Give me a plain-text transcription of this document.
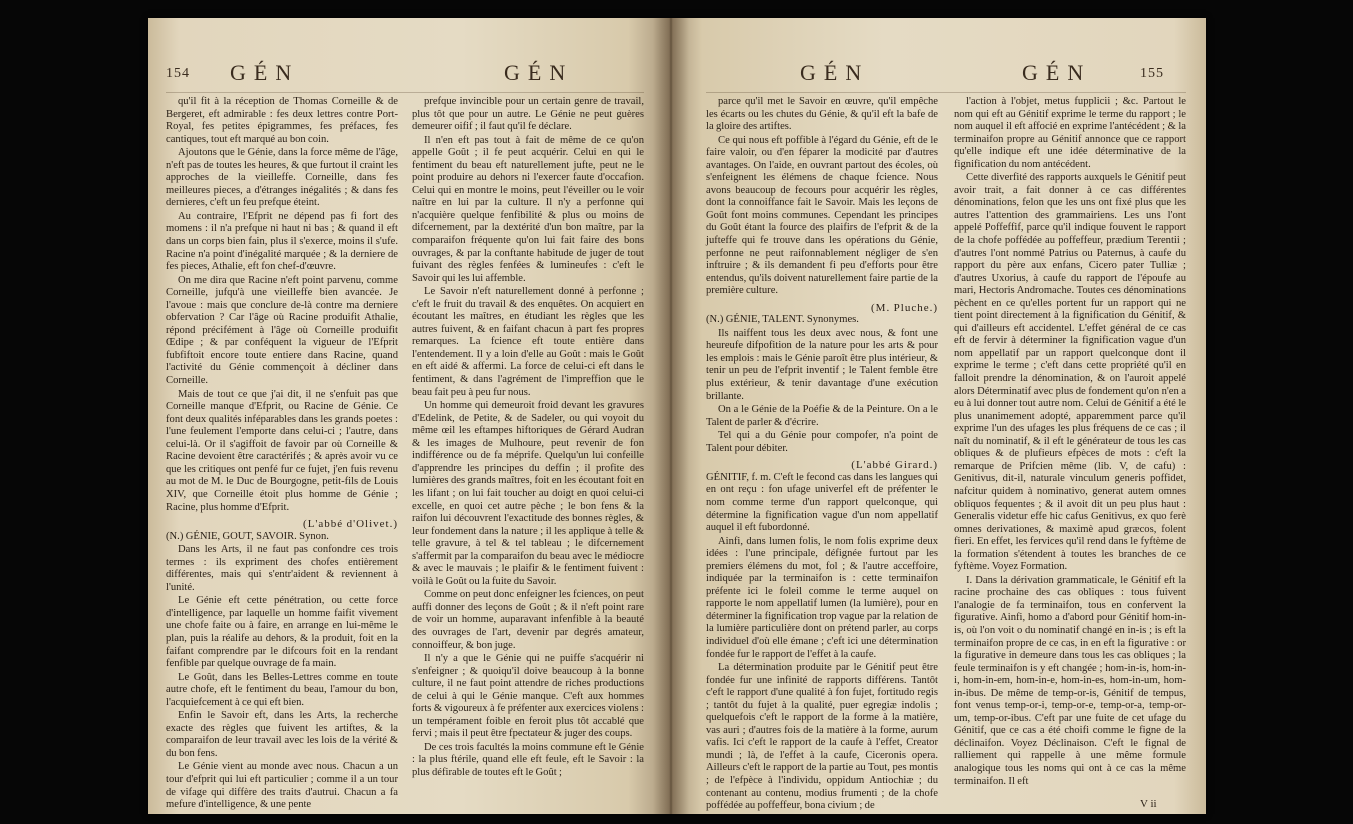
154 GÉN	GÉN

qu'il fit à la réception de Thomas Corneille & de Bergeret, eft admirable : fes deux lettres contre Port-Royal, fes petites épigrammes, fes préfaces, fes cantiques, tout eft marqué au bon coin.

Ajoutons que le Génie, dans la force même de l'âge, n'eft pas de toutes les heures, & que furtout il craint les approches de la vieilleffe. Corneille, dans fes meilleures pieces, a d'étranges inégalités ; & dans fes dernieres, c'eft un feu prefque éteint.

Au contraire, l'Efprit ne dépend pas fi fort des momens : il n'a prefque ni haut ni bas ; & quand il eft dans un corps bien fain, plus il s'exerce, moins il s'ufe. Racine n'a point d'inégalité marquée ; & la derniere de fes pieces, Athalie, eft fon chef-d'œuvre.

On me dira que Racine n'eft point parvenu, comme Corneille, jufqu'à une vieilleffe bien avancée. Je l'avoue : mais que conclure de-là contre ma derniere obfervation ? Car l'âge où Racine produifit Athalie, répond précifément à l'âge où Corneille produifit Œdipe ; & par conféquent la vigueur de l'Efprit fubfiftoit encore toute entiere dans Racine, quand l'activité du Génie commençoit à décliner dans Corneille.

Mais de tout ce que j'ai dit, il ne s'enfuit pas que Corneille manque d'Efprit, ou Racine de Génie. Ce font deux qualités inféparables dans les grands poetes : l'une feulement l'emporte dans celui-ci ; l'autre, dans celui-là. Or il s'agiffoit de favoir par où Corneille & Racine devoient être caractérifés ; & après avoir vu ce que les critiques ont penfé fur ce fujet, j'en fuis revenu au mot de M. le Duc de Bourgogne, petit-fils de Louis XIV, que Corneille étoit plus homme de Génie ; Racine, plus homme d'Efprit.

(L'abbé d'Olivet.)

(N.) GÉNIE, GOUT, SAVOIR. Synon.

Dans les Arts, il ne faut pas confondre ces trois termes : ils expriment des chofes entièrement différentes, mais qui s'entr'aident & reviennent à l'unité.

Le Génie eft cette pénétration, ou cette force d'intelligence, par laquelle un homme faifit vivement une chofe faite ou à faire, en arrange en lui-même le plan, puis la réalife au dehors, & la produit, foit en la faifant comprendre par le difcours foit en la rendant fenfible par quelque ouvrage de fa main.

Le Goût, dans les Belles-Lettres comme en toute autre chofe, eft le fentiment du beau, l'amour du bon, l'acquiefcement à ce qui eft bien.

Enfin le Savoir eft, dans les Arts, la recherche exacte des règles que fuivent les artiftes, & la comparaifon de leur travail avec les lois de la vérité & du bon fens.

Le Génie vient au monde avec nous. Chacun a un tour d'efprit qui lui eft particulier ; comme il a un tour de vifage qui diffère des traits d'autrui. Chacun a fa mefure d'intelligence, & une pente

prefque invincible pour un certain genre de travail, plus tôt que pour un autre. Le Génie ne peut guères demeurer oifif ; il faut qu'il fe déclare.

Il n'en eft pas tout à fait de même de ce qu'on appelle Goût ; il fe peut acquérir. Celui en qui le fentiment du beau eft naturellement jufte, peut ne le point produire au dehors ni l'exercer faute d'occafion. Celui qui en montre le moins, peut l'éveiller ou le voir naître en lui par la culture. Il n'y a perfonne qui n'acquière quelque fenfibilité & plus ou moins de difcernement, par la dextérité d'un bon maître, par la comparaifon fréquente qu'on lui fait faire des bons ouvrages, & par la conftante habitude de juger de tout fuivant des règles fenfées & lumineufes : c'eft le Savoir qui les lui affemble.

Le Savoir n'eft naturellement donné à perfonne ; c'eft le fruit du travail & des enquêtes. On acquiert en écoutant les maîtres, en étudiant les règles que les autres fuivent, & en faifant chacun à part fes propres remarques. La fcience eft toute entière dans l'entendement. Il y a loin d'elle au Goût : mais le Goût en eft aidé & affermi. La force de celui-ci eft dans le fentiment, & dans l'agrément de l'impreffion que le beau fait peu à peu fur nous.

Un homme qui demeuroit froid devant les gravures d'Edelink, de Petite, & de Sadeler, ou qui voyoit du même œil les eftampes hiftoriques de Gérard Audran & les images de Mulhoure, peut revenir de fon indifférence ou de fa méprife. Quelqu'un lui confeille d'apprendre les principes du deffin ; il profite des lumières des grands maîtres, foit en les écoutant foit en les lifant ; on lui fait toucher au doigt en quoi celui-ci excelle, en quoi cet autre pèche ; le bon fens & la raifon lui découvrent l'exactitude des bonnes règles, & leur fondement dans la nature ; il les applique à telle & telle gravure, à tel & tel tableau ; le difcernement s'affermit par la comparaifon du beau avec le médiocre & avec le mauvais ; le plaifir & le fentiment fuivent : voilà le Goût ou la fuite du Savoir.

Comme on peut donc enfeigner les fciences, on peut auffi donner des leçons de Goût ; & il n'eft point rare de voir un homme, auparavant infenfible à la beauté des ouvrages de l'art, devenir par degrés amateur, connoiffeur, & bon juge.

Il n'y a que le Génie qui ne puiffe s'acquérir ni s'enfeigner ; & quoiqu'il doive beaucoup à la bonne culture, il ne faut point attendre de riches productions de celui à qui le Génie manque. C'eft aux hommes forts & vigoureux à fe préfenter aux exercices violens : un tempérament foible en feroit plus tôt accablé que fervi ; mais il peut être fpectateur & juger des coups.

De ces trois facultés la moins commune eft le Génie : la plus ftérile, quand elle eft feule, eft le Savoir : la plus défirable de toutes eft le Goût ;

GÉN	GÉN	155

parce qu'il met le Savoir en œuvre, qu'il empêche les écarts ou les chutes du Génie, & qu'il eft la bafe de la gloire des artiftes.

Ce qui nous eft poffible à l'égard du Génie, eft de le faire valoir, ou d'en féparer la modicité par d'autres avantages. On l'aide, en ouvrant partout des écoles, où s'enfeignent les élémens de chaque fcience. Nous avons beaucoup de fecours pour acquérir les règles, dont la connoiffance fait le Savoir. Mais les leçons de Goût font moins communes. Cependant les principes du Goût étant la fource des plaifirs de l'efprit & de la jufteffe qui fe trouve dans les opérations du Génie, perfonne ne peut raifonnablement négliger de s'en inftruire ; & ils demandent fi peu d'efforts pour être entendus, qu'ils doivent naturellement faire partie de la première culture.

(M. Pluche.)

(N.) GÉNIE, TALENT. Synonymes.

Ils naiffent tous les deux avec nous, & font une heureufe difpofition de la nature pour les arts & pour les emplois : mais le Génie paroît être plus intérieur, & tenir un peu de l'efprit inventif ; le Talent femble être plus extérieur, & tenir davantage d'une exécution brillante.

On a le Génie de la Poéfie & de la Peinture. On a le Talent de parler & d'écrire.

Tel qui a du Génie pour compofer, n'a point de Talent pour débiter.

(L'abbé Girard.)

GÉNITIF, f. m. C'eft le fecond cas dans les langues qui en ont reçu : fon ufage univerfel eft de préfenter le nom comme terme d'un rapport quelconque, qui détermine la fignification vague d'un nom appellatif auquel il eft fubordonné.

Ainfi, dans lumen folis, le nom folis exprime deux idées : l'une principale, défignée furtout par les premiers élémens du mot, fol ; & l'autre acceffoire, indiquée par la terminaifon is : cette terminaifon préfente ici le foleil comme le terme auquel on rapporte le nom appellatif lumen (la lumière), pour en déterminer la fignification trop vague par la relation de la lumière particulière dont on prétend parler, au corps individuel d'où elle émane ; c'eft ici une détermination fondée fur le rapport de l'effet à la caufe.

La détermination produite par le Génitif peut être fondée fur une infinité de rapports différens. Tantôt c'eft le rapport d'une qualité à fon fujet, fortitudo regis ; tantôt du fujet à la qualité, puer egregiæ indolis ; quelquefois c'eft le rapport de la forme à la matière, vas auri ; d'autres fois de la matière à la forme, aurum vafis. Ici c'eft le rapport de la caufe à l'effet, Creator mundi ; là, de l'effet à la caufe, Ciceronis opera. Ailleurs c'eft le rapport de la partie au Tout, pes montis ; de l'efpèce à l'individu, oppidum Antiochiæ ; du contenant au contenu, modius frumenti ; de la chofe poffédée au poffeffeur, bona civium ; de

l'action à l'objet, metus fupplicii ; &c. Partout le nom qui eft au Génitif exprime le terme du rapport ; le nom auquel il eft affocié en exprime l'antécédent ; & la terminaifon propre au Génitif annonce que ce rapport qu'elle indique eft une idée déterminative de la fignification du nom antécédent.

Cette diverfité des rapports auxquels le Génitif peut avoir trait, a fait donner à ce cas différentes dénominations, felon que les uns ont fixé plus que les autres l'attention des grammairiens. Les uns l'ont appelé Poffeffif, parce qu'il indique fouvent le rapport de la chofe poffédée au poffeffeur, prædium Terentii ; d'autres l'ont nommé Patrius ou Paternus, à caufe du rapport du père aux enfans, Cicero pater Tulliæ ; d'autres Uxorius, à caufe du rapport de l'époufe au mari, Hectoris Andromache. Toutes ces dénominations pèchent en ce qu'elles portent fur un rapport qui ne tient point directement à la fignification du Génitif, & qui d'ailleurs eft accidentel. L'effet général de ce cas eft de fervir à déterminer la fignification vague d'un nom appellatif par un rapport quelconque dont il exprime le terme ; c'eft dans cette propriété qu'il en falloit prendre la dénomination, & on l'auroit appelé alors Déterminatif avec plus de fondement qu'on n'en a eu à lui donner tout autre nom. Celui de Génitif a été le plus unanimement adopté, apparemment parce qu'il exprime l'un des ufages les plus fréquens de ce cas ; il naît du nominatif, & il eft le générateur de tous les cas obliques & de plufieurs efpèces de mots : c'eft la remarque de Prifcien même (lib. V, de cafu) : Genitivus, dit-il, naturale vinculum generis poffidet, nafcitur quidem à nominativo, generat autem omnes obliquos fequentes ; & il avoit dit un peu plus haut : Generalis videtur effe hic cafus Genitivus, ex quo ferè omnes derivationes, & maximè apud græcos, folent fieri. En effet, les fervices qu'il rend dans le fyftème de la formation s'étendent à toutes les branches de ce fyftème. Voyez Formation.

I. Dans la dérivation grammaticale, le Génitif eft la racine prochaine des cas obliques : tous fuivent l'analogie de fa terminaifon, tous en confervent la figurative. Ainfi, homo a d'abord pour Génitif hom-in-is, où l'on voit o du nominatif changé en in-is ; is eft la terminaifon propre de ce cas, in en eft la figurative : or la figurative in demeure dans tous les cas obliques ; la feule terminaifon is y eft changée ; hom-in-is, hom-in-i, hom-in-em, hom-in-e, hom-in-es, hom-in-um, hom-in-ibus. De même de temp-or-is, Génitif de tempus, font venus temp-or-i, temp-or-e, temp-or-a, temp-or-um, temp-or-ibus. C'eft par une fuite de cet ufage du Génitif, que ce cas a été choifi comme le figne de la déclinaifon. Voyez Déclinaison. C'eft le fignal de ralliement qui rappelle à une même formule analogique tous les noms qui ont à ce cas la même terminaifon. Il eft

V ii
